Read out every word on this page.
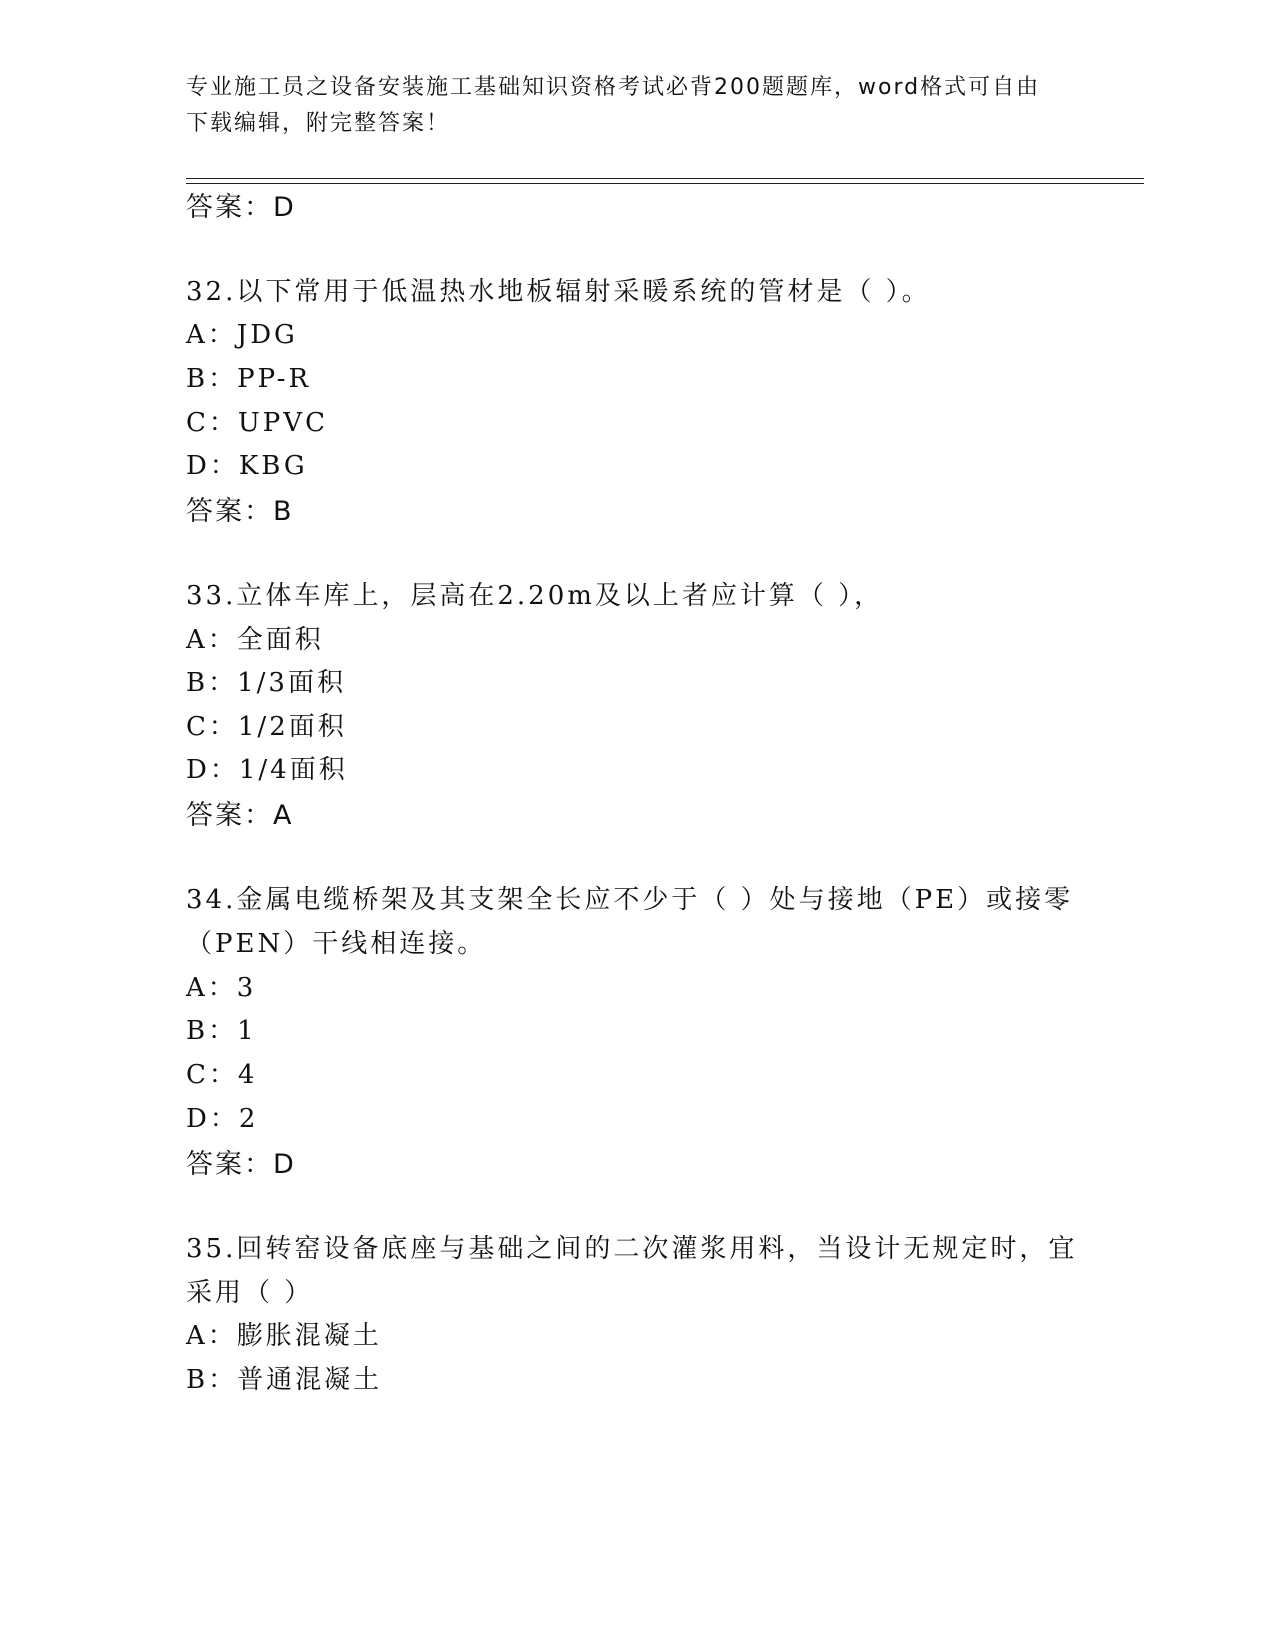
专业施工员之设备安装施工基础知识资格考试必背200题题库，word格式可自由
下载编辑，附完整答案！
答案：D
32.以下常用于低温热水地板辐射采暖系统的管材是（ ）。
A：JDG
B：PP-R
C：UPVC
D：KBG
答案：B
33.立体车库上，层高在2.20m及以上者应计算（ ），
A：全面积
B：1/3面积
C：1/2面积
D：1/4面积
答案：A
34.金属电缆桥架及其支架全长应不少于（ ）处与接地（PE）或接零
（PEN）干线相连接。
A：3
B：1
C：4
D：2
答案：D
35.回转窑设备底座与基础之间的二次灌浆用料，当设计无规定时，宜
采用（ ）
A：膨胀混凝土
B：普通混凝土
